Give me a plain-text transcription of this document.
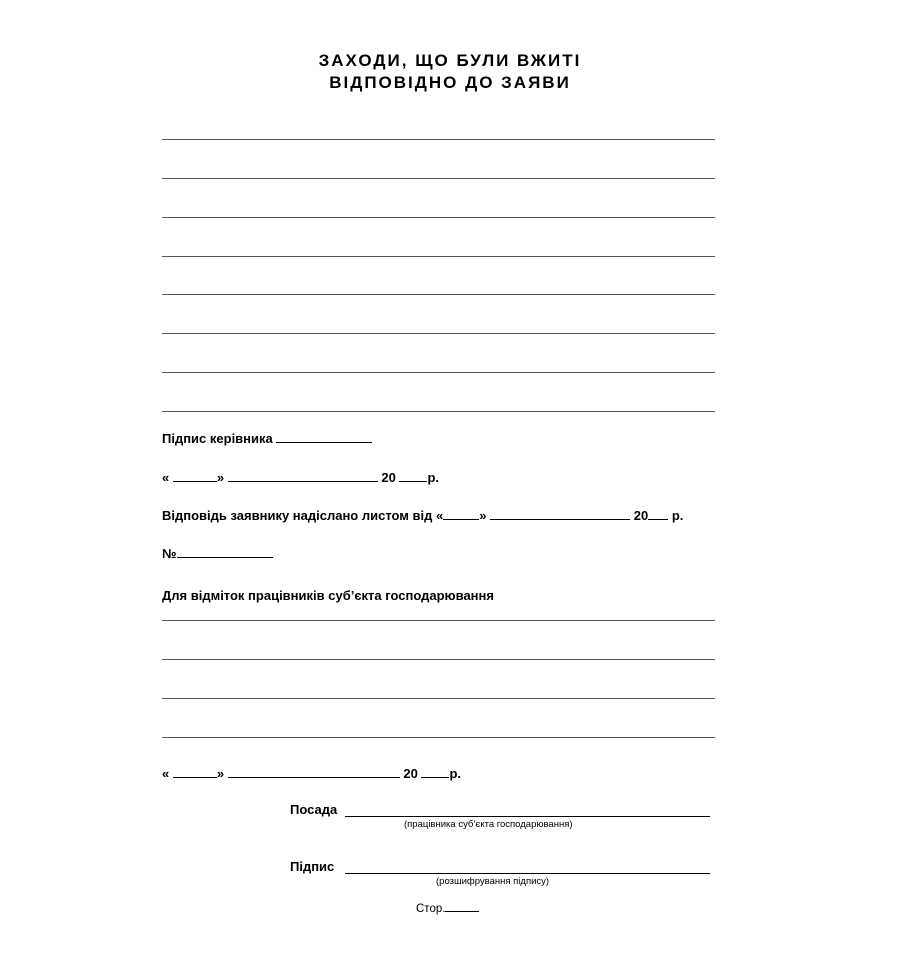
ЗАХОДИ, ЩО БУЛИ ВЖИТІ
ВІДПОВІДНО ДО ЗАЯВИ
Підпис керівника
«	»	20 р.
Відповідь заявнику надіслано листом від «	»	20 р.
№
Для відміток працівників суб’єкта господарювання
«	»	20 р.
Посада
(працівника суб’єкта господарювання)
Підпис
(розшифрування підпису)
Стор.
